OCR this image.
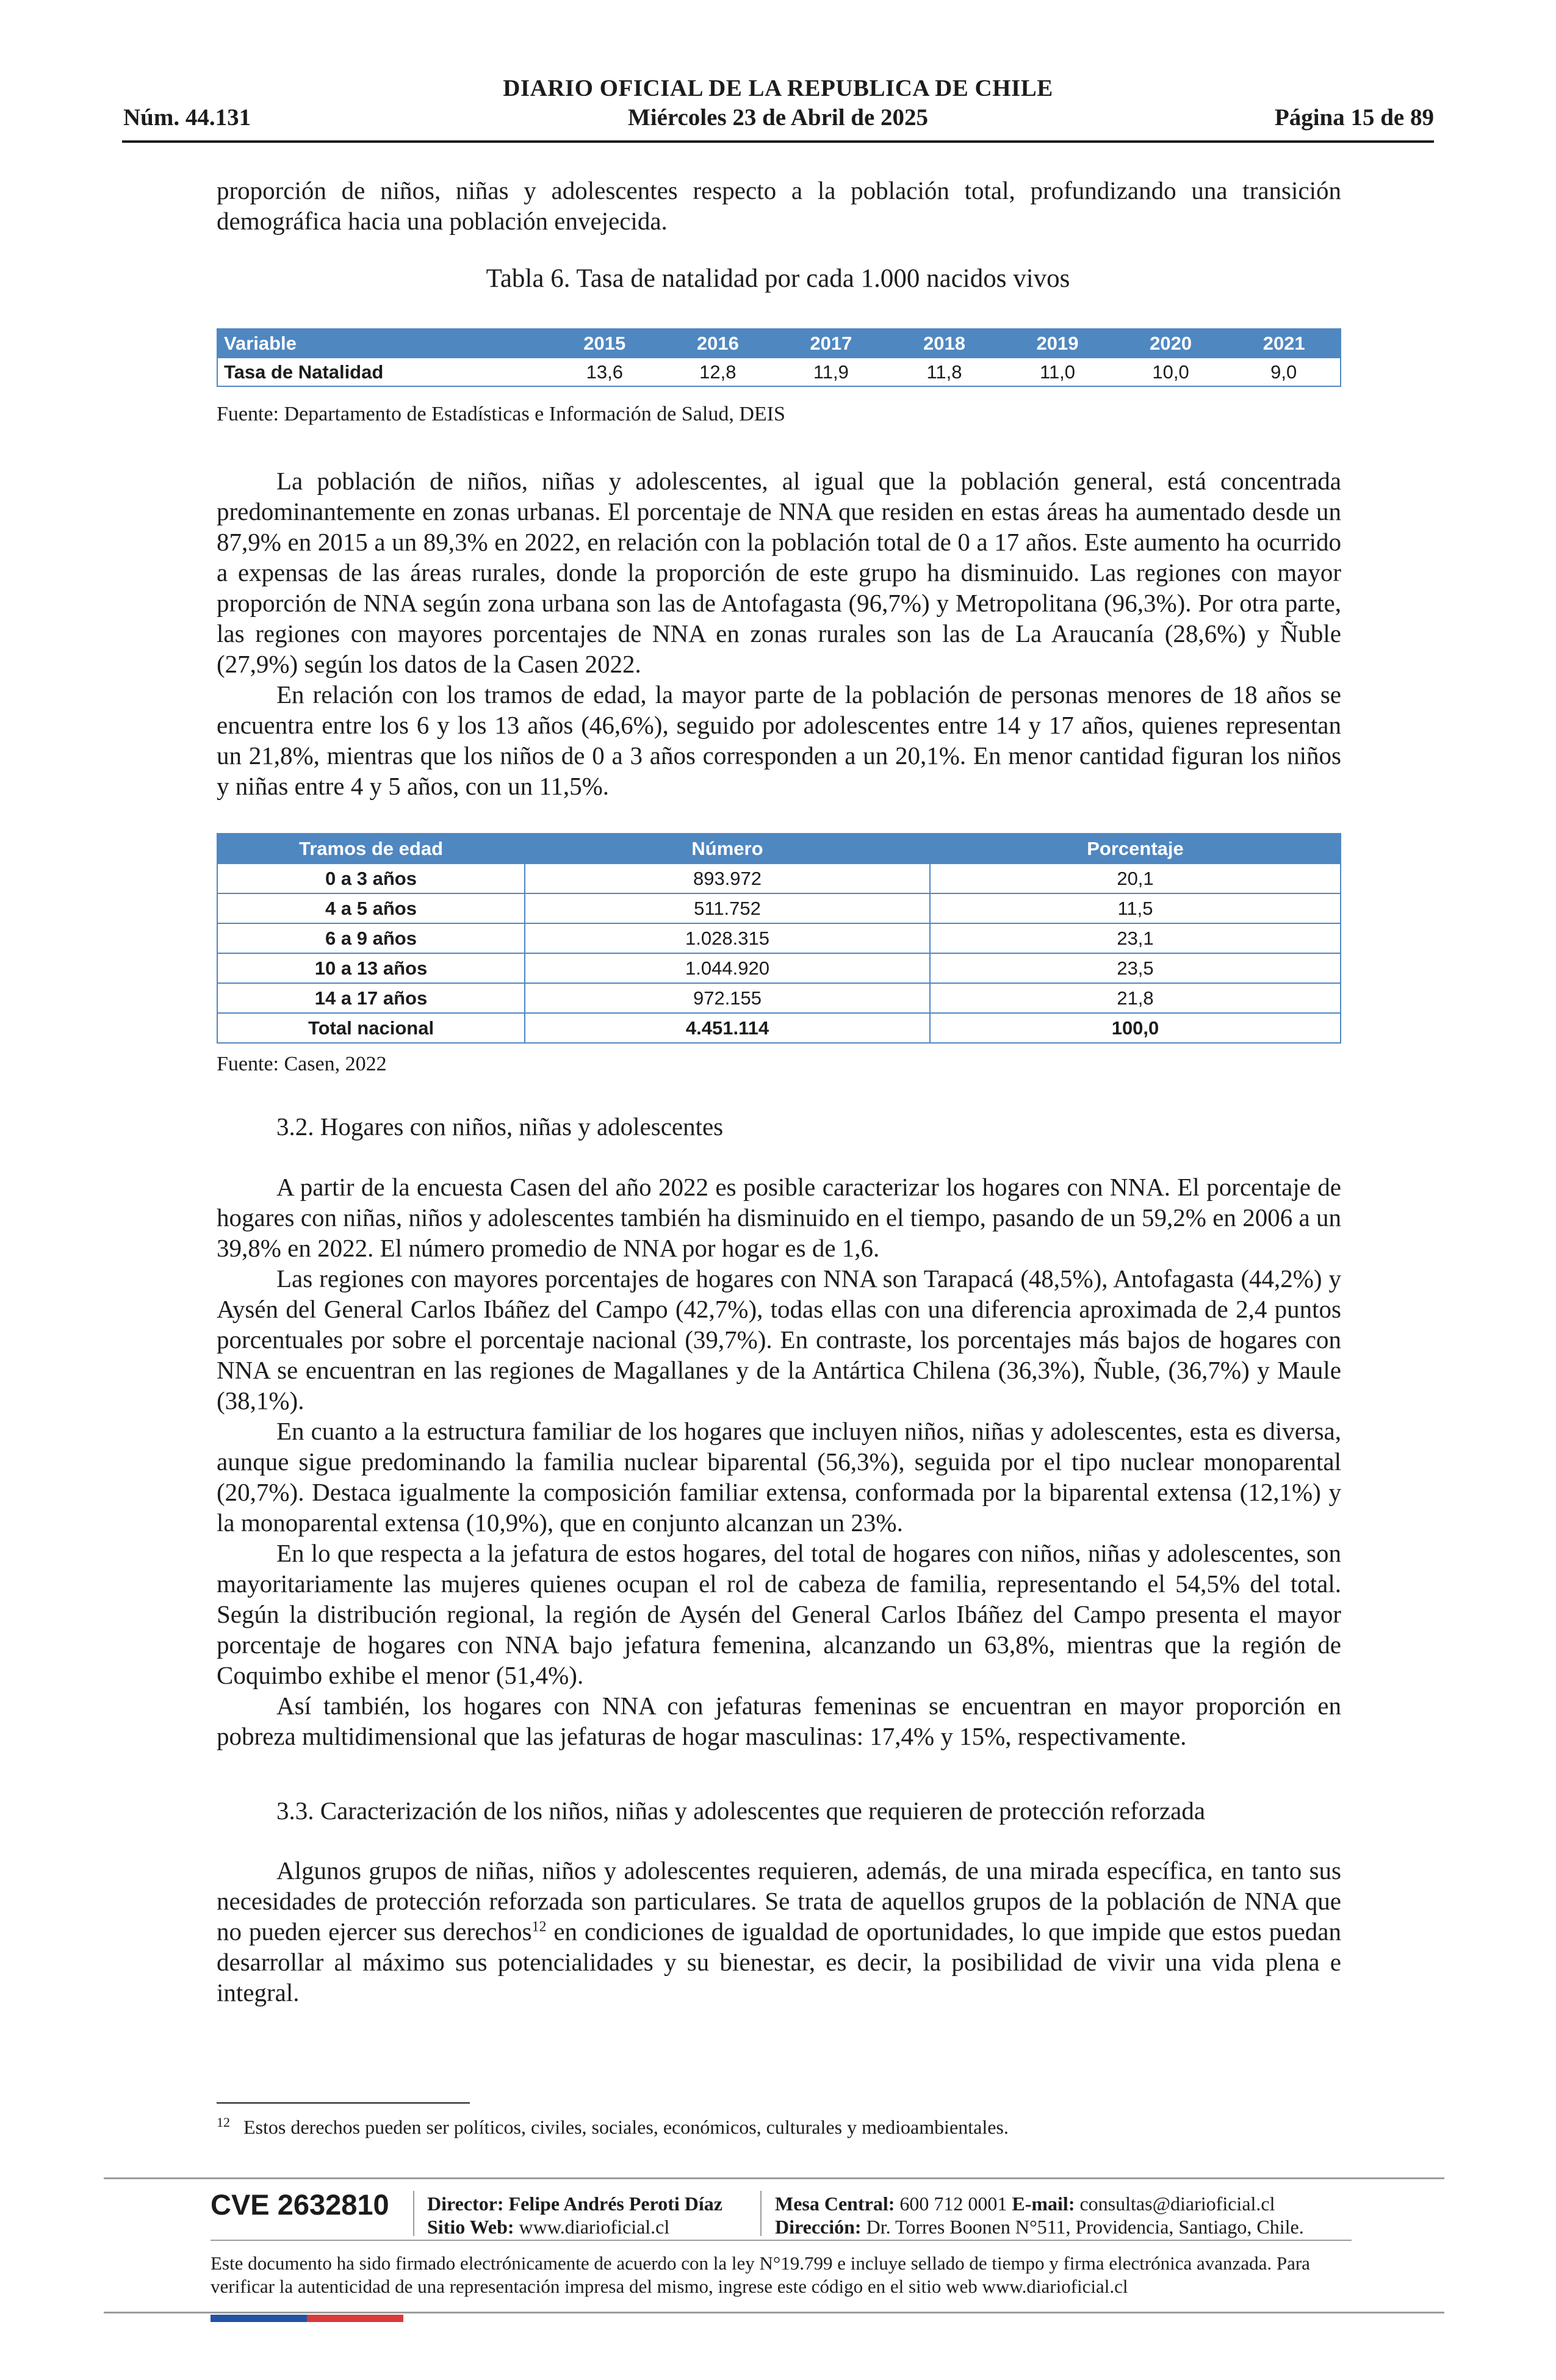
DIARIO OFICIAL DE LA REPUBLICA DE CHILE
Núm. 44.131	Miércoles 23 de Abril de 2025	Página 15 de 89

proporción de niños, niñas y adolescentes respecto a la población total, profundizando una transición demográfica hacia una población envejecida.

Tabla 6. Tasa de natalidad por cada 1.000 nacidos vivos
Variable	2015	2016	2017	2018	2019	2020	2021
Tasa de Natalidad	13,6	12,8	11,9	11,8	11,0	10,0	9,0
Fuente: Departamento de Estadísticas e Información de Salud, DEIS

La población de niños, niñas y adolescentes, al igual que la población general, está concentrada predominantemente en zonas urbanas. El porcentaje de NNA que residen en estas áreas ha aumentado desde un 87,9% en 2015 a un 89,3% en 2022, en relación con la población total de 0 a 17 años. Este aumento ha ocurrido a expensas de las áreas rurales, donde la proporción de este grupo ha disminuido. Las regiones con mayor proporción de NNA según zona urbana son las de Antofagasta (96,7%) y Metropolitana (96,3%). Por otra parte, las regiones con mayores porcentajes de NNA en zonas rurales son las de La Araucanía (28,6%) y Ñuble (27,9%) según los datos de la Casen 2022.

En relación con los tramos de edad, la mayor parte de la población de personas menores de 18 años se encuentra entre los 6 y los 13 años (46,6%), seguido por adolescentes entre 14 y 17 años, quienes representan un 21,8%, mientras que los niños de 0 a 3 años corresponden a un 20,1%. En menor cantidad figuran los niños y niñas entre 4 y 5 años, con un 11,5%.

Tramos de edad	Número	Porcentaje
0 a 3 años	893.972	20,1
4 a 5 años	511.752	11,5
6 a 9 años	1.028.315	23,1
10 a 13 años	1.044.920	23,5
14 a 17 años	972.155	21,8
Total nacional	4.451.114	100,0
Fuente: Casen, 2022
3.2. Hogares con niños, niñas y adolescentes

A partir de la encuesta Casen del año 2022 es posible caracterizar los hogares con NNA. El porcentaje de hogares con niñas, niños y adolescentes también ha disminuido en el tiempo, pasando de un 59,2% en 2006 a un 39,8% en 2022. El número promedio de NNA por hogar es de 1,6.

Las regiones con mayores porcentajes de hogares con NNA son Tarapacá (48,5%), Antofagasta (44,2%) y Aysén del General Carlos Ibáñez del Campo (42,7%), todas ellas con una diferencia aproximada de 2,4 puntos porcentuales por sobre el porcentaje nacional (39,7%). En contraste, los porcentajes más bajos de hogares con NNA se encuentran en las regiones de Magallanes y de la Antártica Chilena (36,3%), Ñuble, (36,7%) y Maule (38,1%).

En cuanto a la estructura familiar de los hogares que incluyen niños, niñas y adolescentes, esta es diversa, aunque sigue predominando la familia nuclear biparental (56,3%), seguida por el tipo nuclear monoparental (20,7%). Destaca igualmente la composición familiar extensa, conformada por la biparental extensa (12,1%) y la monoparental extensa (10,9%), que en conjunto alcanzan un 23%.

En lo que respecta a la jefatura de estos hogares, del total de hogares con niños, niñas y adolescentes, son mayoritariamente las mujeres quienes ocupan el rol de cabeza de familia, representando el 54,5% del total. Según la distribución regional, la región de Aysén del General Carlos Ibáñez del Campo presenta el mayor porcentaje de hogares con NNA bajo jefatura femenina, alcanzando un 63,8%, mientras que la región de Coquimbo exhibe el menor (51,4%).

Así también, los hogares con NNA con jefaturas femeninas se encuentran en mayor proporción en pobreza multidimensional que las jefaturas de hogar masculinas: 17,4% y 15%, respectivamente.

3.3. Caracterización de los niños, niñas y adolescentes que requieren de protección reforzada

Algunos grupos de niñas, niños y adolescentes requieren, además, de una mirada específica, en tanto sus necesidades de protección reforzada son particulares. Se trata de aquellos grupos de la población de NNA que no pueden ejercer sus derechos$^{12}$ en condiciones de igualdad de oportunidades, lo que impide que estos puedan desarrollar al máximo sus potencialidades y su bienestar, es decir, la posibilidad de vivir una vida plena e integral.

$^{12}$ Estos derechos pueden ser políticos, civiles, sociales, económicos, culturales y medioambientales.
CVE 2632810 Director: Felipe Andrés Peroti Díaz
Sitio Web: www.diarioficial.cl
Mesa Central: 600 712 0001 E-mail: consultas@diarioficial.cl
Dirección: Dr. Torres Boonen N°511, Providencia, Santiago, Chile.
Este documento ha sido firmado electrónicamente de acuerdo con la ley N°19.799 e incluye sellado de tiempo y firma electrónica avanzada. Para verificar la autenticidad de una representación impresa del mismo, ingrese este código en el sitio web www.diarioficial.cl
